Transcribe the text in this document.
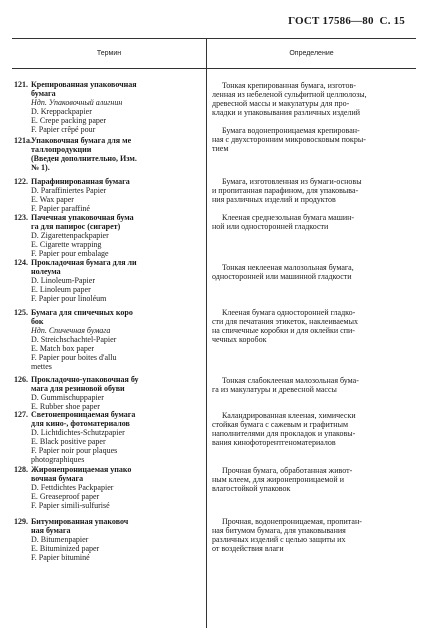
ГОСТ 17586—80 С. 15
Термин	Определение
121. Крепированная упаковочная
бумага
Ндп. Упаковочный алигнин
D. Kreppackpapier
E. Crepe packing paper
F. Papier crêpé pour
121а. Упаковочная бумага для ме
таллопродукции
(Введен дополнительно, Изм.
№ 1).
122. Парафинированная бумага
D. Paraffiniertes Papier
E. Wax paper
F. Papier paraffiné
123. Пачечная упаковочная бума
га для папирос (сигарет)
D. Zigarettenpackpapier
E. Cigarette wrapping
F. Papier pour embalage
124. Прокладочная бумага для ли
нолеума
D. Linoleum-Papier
E. Linoleum paper
F. Papier pour linoléum
125. Бумага для спичечных коро
бок
Ндп. Спичечная бумага
D. Streichschachtel-Papier
E. Match box paper
F. Papier pour boites d'allu
mettes
126. Прокладочно-упаковочная бу
мага для резиновой обуви
D. Gummischuppapier
E. Rubber shoe paper
127. Светонепроницаемая бумага
для кино-, фотоматериалов
D. Lichtdichtes-Schutzpapier
E. Black positive paper
F. Papier noir pour plaques
photographiques
128. Жиронепроницаемая упако
вочная бумага
D. Fettdichtes Packpapier
E. Greaseproof paper
F. Papier simili-sulfurisé
129. Битумированная упаковоч
ная бумага
D. Bitumenpapier
E. Bituminized paper
F. Papier bituminé
Тонкая крепированная бумага, изготов-
ленная из небеленой сульфитной целлюлозы,
древесной массы и макулатуры для про-
кладки и упаковывания различных изделий
Бумага водонепроницаемая крепирован-
ная с двухсторонним микровосковым покры-
тием
Бумага, изготовленная из бумаги-основы
и пропитанная парафином, для упаковыва-
ния различных изделий и продуктов
Клееная среднезольная бумага машин-
ной или односторонней гладкости
Тонкая неклееная малозольная бумага,
односторонней или машинной гладкости
Клееная бумага односторонней гладко-
сти для печатания этикеток, наклеиваемых
на спичечные коробки и для оклейки спи-
чечных коробок
Тонкая слабоклееная малозольная бума-
га из макулатуры и древесной массы
Каландрированная клееная, химически
стойкая бумага с сажевым и графитным
наполнителями для прокладок и упаковы-
вания кинофоторентгеноматериалов
Прочная бумага, обработанная живот-
ным клеем, для жиронепроницаемой и
влагостойкой упаковок
Прочная, водонепроницаемая, пропитан-
ная битумом бумага, для упаковывания
различных изделий с целью защиты их
от воздействия влаги
